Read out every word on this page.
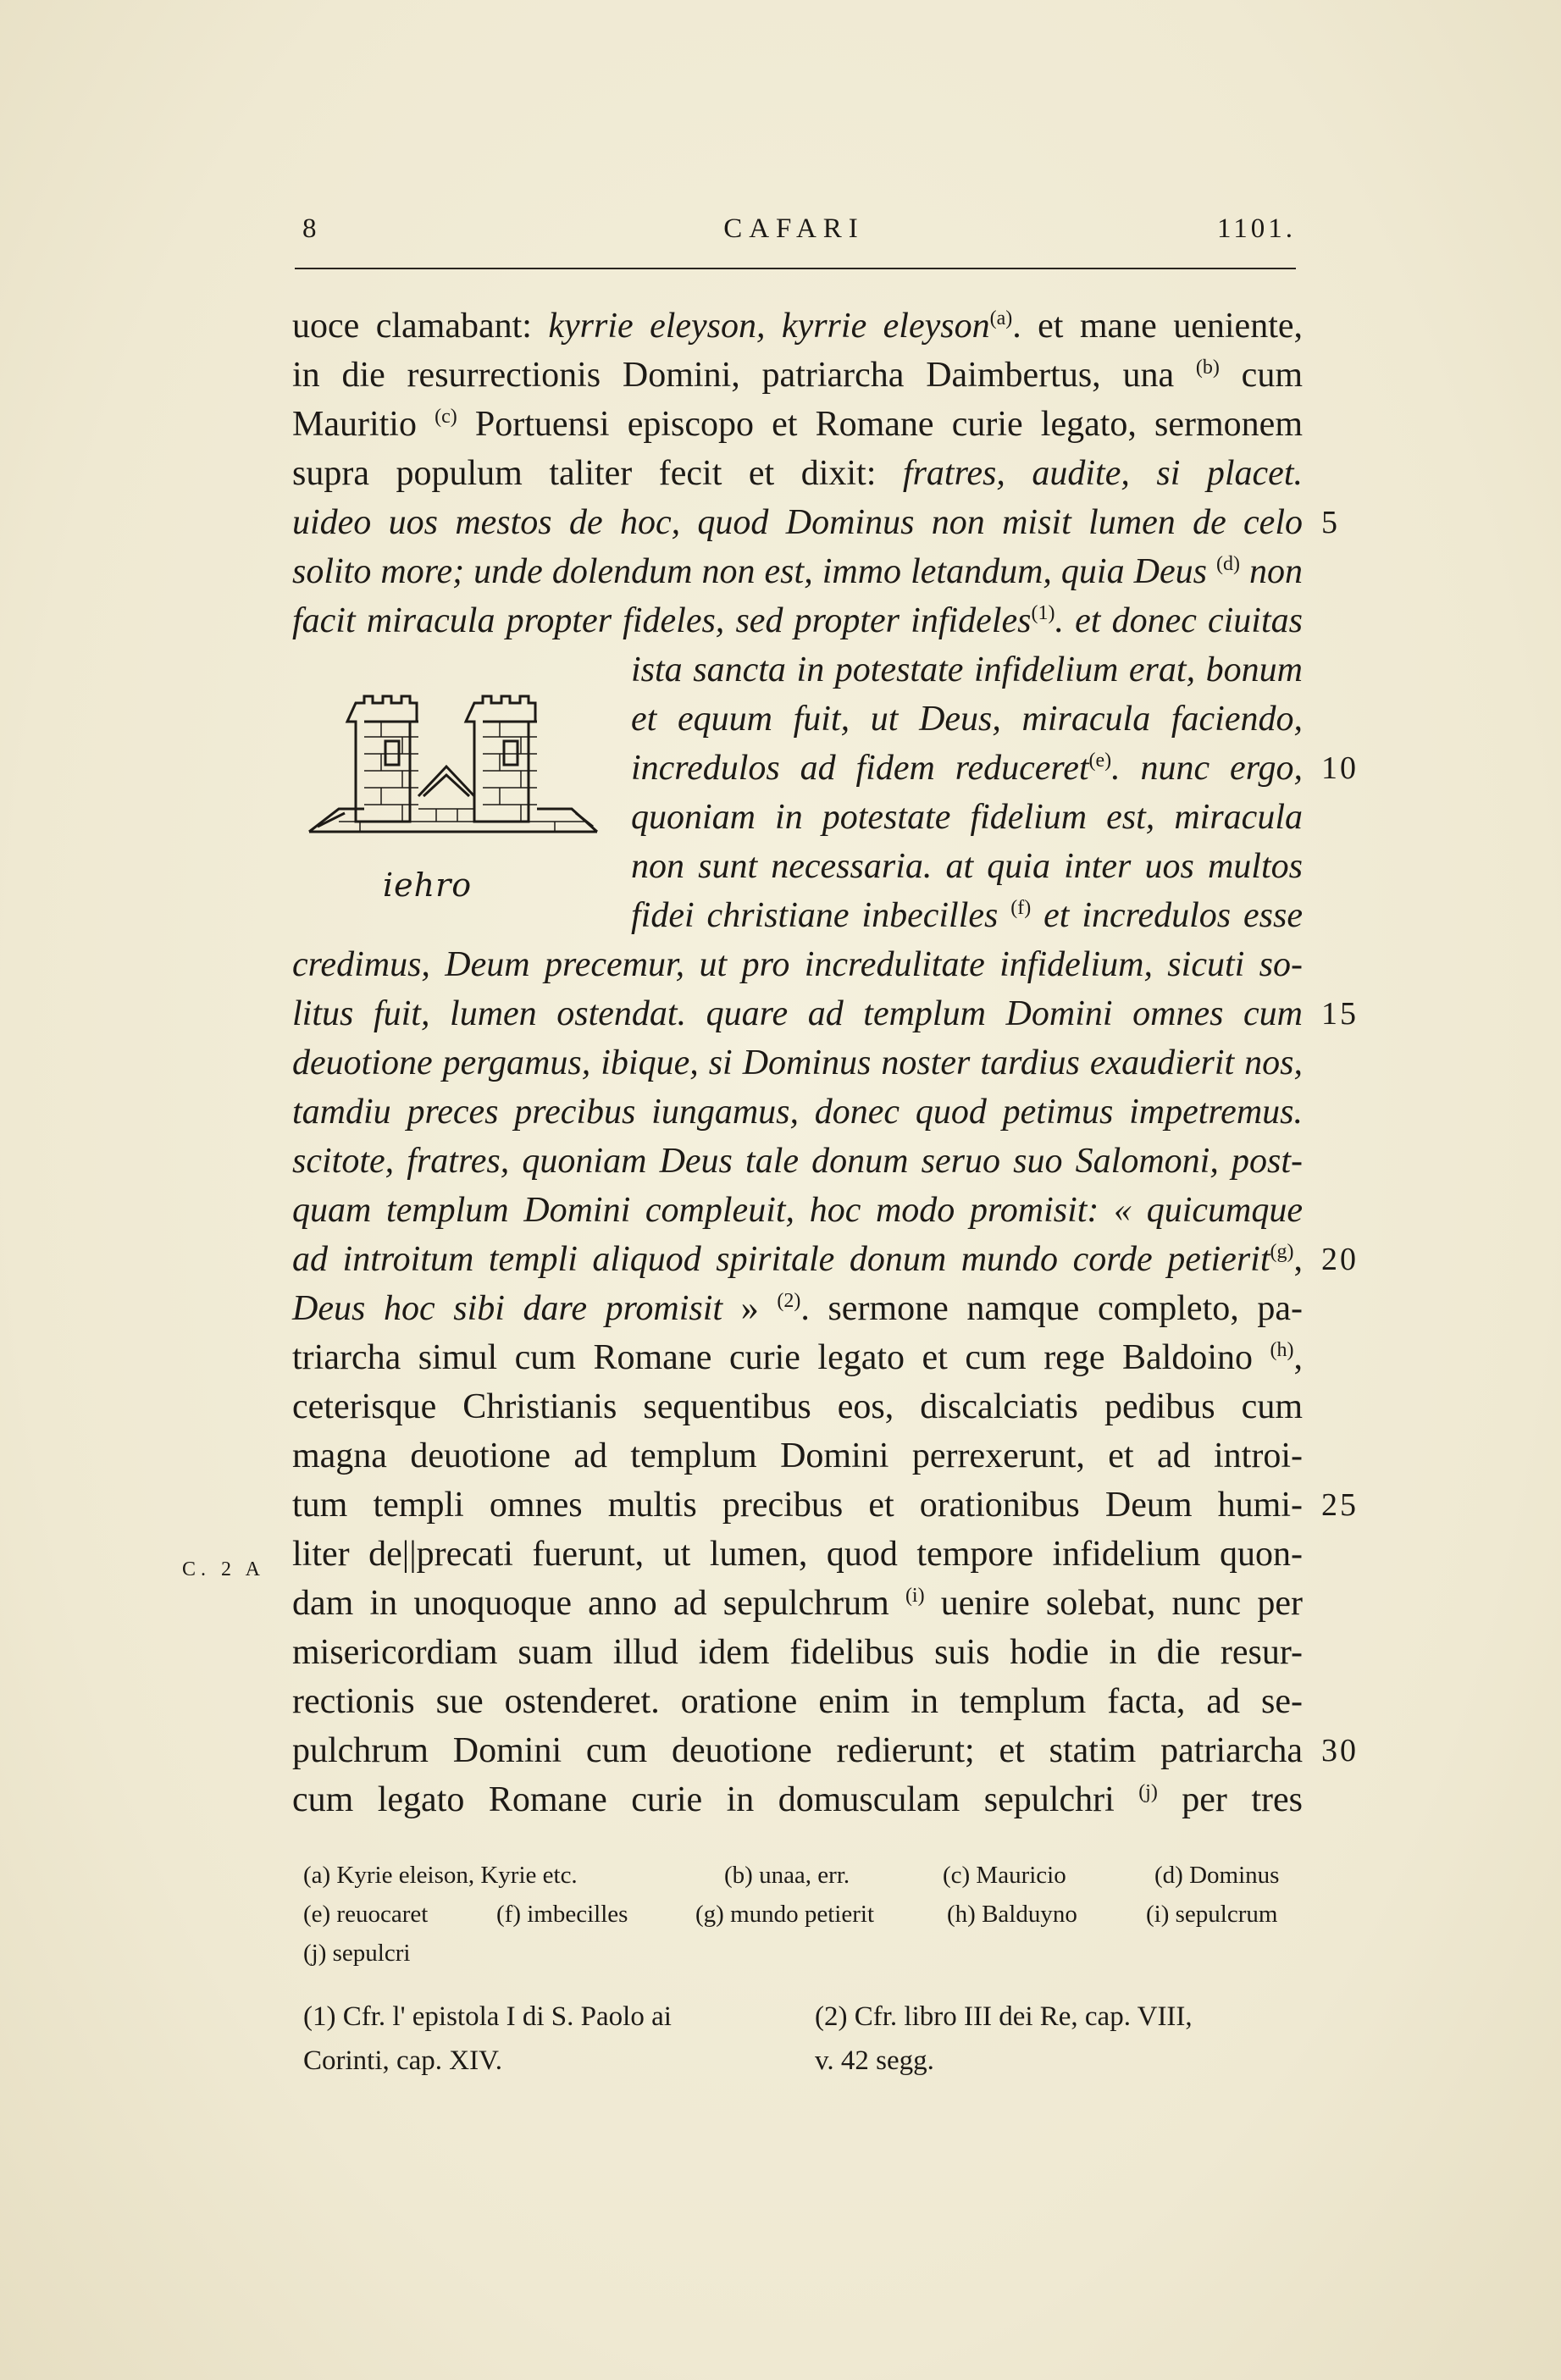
8	CAFARI	1101.
uoce clamabant: kyrrie eleyson, kyrrie eleyson$^{(a)}$. et mane ueniente,
in die resurrectionis Domini, patriarcha Daimbertus, una $^{(b)}$ cum
Mauritio $^{(c)}$ Portuensi episcopo et Romane curie legato, sermonem
supra populum taliter fecit et dixit: fratres, audite, si placet.
uideo uos mestos de hoc, quod Dominus non misit lumen de celo
solito more; unde dolendum non est, immo letandum, quia Deus $^{(d)}$ non
facit miracula propter fideles, sed propter infideles$^{(1)}$. et donec ciuitas
ista sancta in potestate infidelium erat, bonum
et equum fuit, ut Deus, miracula faciendo,
incredulos ad fidem reduceret$^{(e)}$. nunc ergo,
quoniam in potestate fidelium est, miracula
non sunt necessaria. at quia inter uos multos
fidei christiane inbecilles $^{(f)}$ et incredulos esse
credimus, Deum precemur, ut pro incredulitate infidelium, sicuti so-
litus fuit, lumen ostendat. quare ad templum Domini omnes cum
deuotione pergamus, ibique, si Dominus noster tardius exaudierit nos,
tamdiu preces precibus iungamus, donec quod petimus impetremus.
scitote, fratres, quoniam Deus tale donum seruo suo Salomoni, post-
quam templum Domini compleuit, hoc modo promisit: « quicumque
ad introitum templi aliquod spiritale donum mundo corde petierit$^{(g)}$,
Deus hoc sibi dare promisit » $^{(2)}$. sermone namque completo, pa-
triarcha simul cum Romane curie legato et cum rege Baldoino $^{(h)}$,
ceterisque Christianis sequentibus eos, discalciatis pedibus cum
magna deuotione ad templum Domini perrexerunt, et ad introi-
tum templi omnes multis precibus et orationibus Deum humi-
liter de||precati fuerunt, ut lumen, quod tempore infidelium quon-
dam in unoquoque anno ad sepulchrum $^{(i)}$ uenire solebat, nunc per
misericordiam suam illud idem fidelibus suis hodie in die resur-
rectionis sue ostenderet. oratione enim in templum facta, ad se-
pulchrum Domini cum deuotione redierunt; et statim patriarcha
cum legato Romane curie in domusculam sepulchri $^{(j)}$ per tres
5
10
15
20
25
30
C. 2 A
iehro
(a) Kyrie eleison, Kyrie etc.	(b) unaa, err.	(c) Mauricio	(d) Dominus
(e) reuocaret	(f) imbecilles	(g) mundo petierit	(h) Balduyno	(i) sepulcrum
(j) sepulcri
(1) Cfr. l' epistola I di S. Paolo ai
Corinti, cap. XIV.
(2) Cfr. libro III dei Re, cap. VIII,
v. 42 segg.
